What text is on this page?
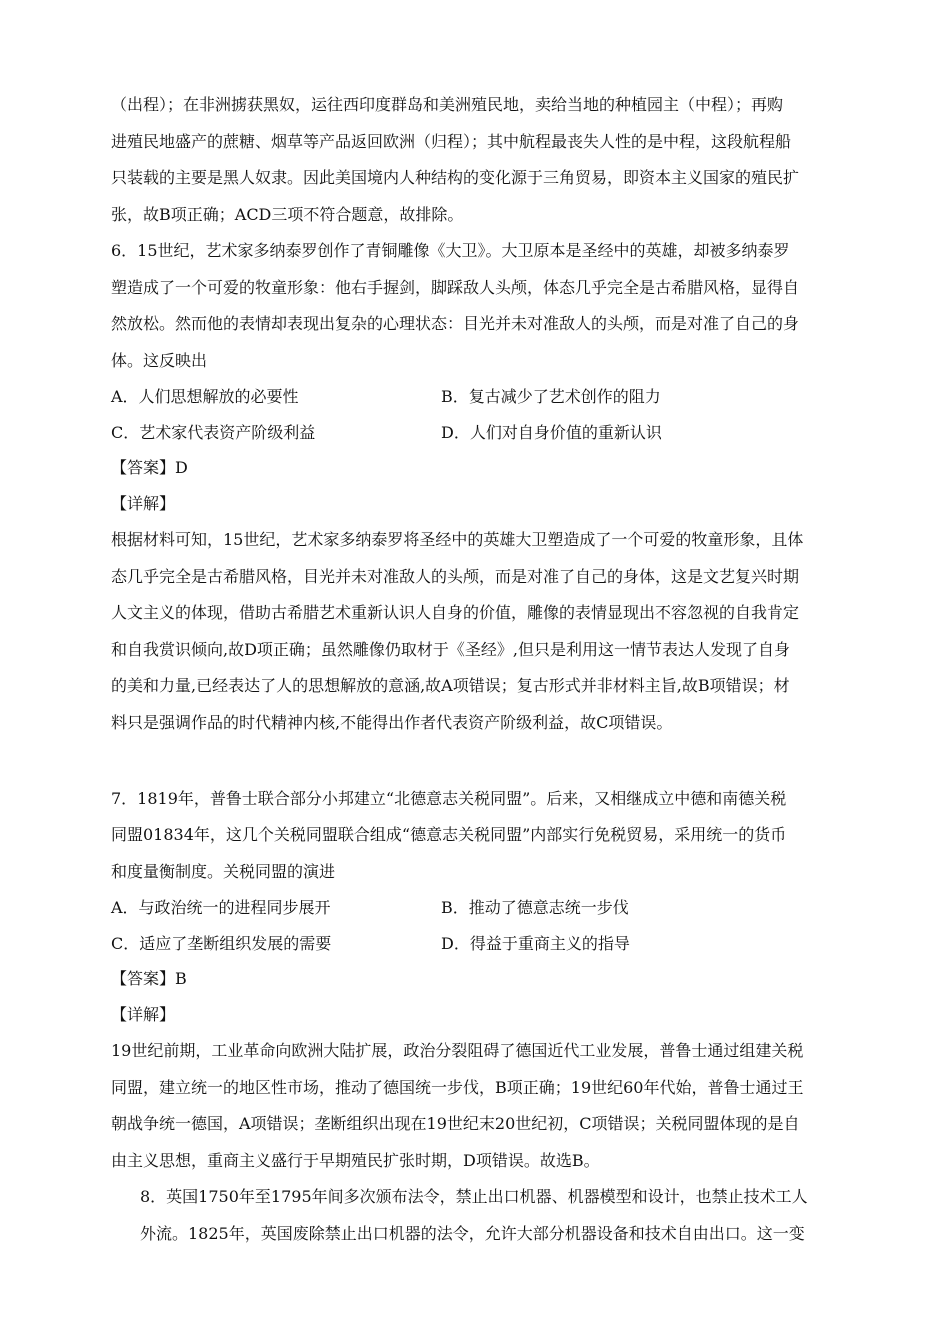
（出程）；在非洲掳获黑奴，运往西印度群岛和美洲殖民地，卖给当地的种植园主（中程）；再购
进殖民地盛产的蔗糖、烟草等产品返回欧洲（归程）；其中航程最丧失人性的是中程，这段航程船
只装载的主要是黑人奴隶。因此美国境内人种结构的变化源于三角贸易，即资本主义国家的殖民扩
张，故B项正确；ACD三项不符合题意，故排除。
6．15世纪，艺术家多纳泰罗创作了青铜雕像《大卫》。大卫原本是圣经中的英雄，却被多纳泰罗
塑造成了一个可爱的牧童形象：他右手握剑，脚踩敌人头颅，体态几乎完全是古希腊风格，显得自
然放松。然而他的表情却表现出复杂的心理状态：目光并未对准敌人的头颅，而是对准了自己的身
体。这反映出
A．人们思想解放的必要性	B．复古减少了艺术创作的阻力
C．艺术家代表资产阶级利益	D．人们对自身价值的重新认识
【答案】D
【详解】
根据材料可知，15世纪，艺术家多纳泰罗将圣经中的英雄大卫塑造成了一个可爱的牧童形象，且体
态几乎完全是古希腊风格，目光并未对准敌人的头颅，而是对准了自己的身体，这是文艺复兴时期
人文主义的体现，借助古希腊艺术重新认识人自身的价值，雕像的表情显现出不容忽视的自我肯定
和自我赏识倾向,故D项正确；虽然雕像仍取材于《圣经》,但只是利用这一情节表达人发现了自身
的美和力量,已经表达了人的思想解放的意涵,故A项错误；复古形式并非材料主旨,故B项错误；材
料只是强调作品的时代精神内核,不能得出作者代表资产阶级利益，故C项错误。
7．1819年，普鲁士联合部分小邦建立“北德意志关税同盟”。后来，又相继成立中德和南德关税
同盟01834年，这几个关税同盟联合组成“德意志关税同盟”内部实行免税贸易，采用统一的货币
和度量衡制度。关税同盟的演进
A．与政治统一的进程同步展开	B．推动了德意志统一步伐
C．适应了垄断组织发展的需要	D．得益于重商主义的指导
【答案】B
【详解】
19世纪前期，工业革命向欧洲大陆扩展，政治分裂阻碍了德国近代工业发展，普鲁士通过组建关税
同盟，建立统一的地区性市场，推动了德国统一步伐，B项正确；19世纪60年代始，普鲁士通过王
朝战争统一德国，A项错误；垄断组织出现在19世纪末20世纪初，C项错误；关税同盟体现的是自
由主义思想，重商主义盛行于早期殖民扩张时期，D项错误。故选B。
8．英国1750年至1795年间多次颁布法令，禁止出口机器、机器模型和设计，也禁止技术工人
外流。1825年，英国废除禁止出口机器的法令，允许大部分机器设备和技术自由出口。这一变
